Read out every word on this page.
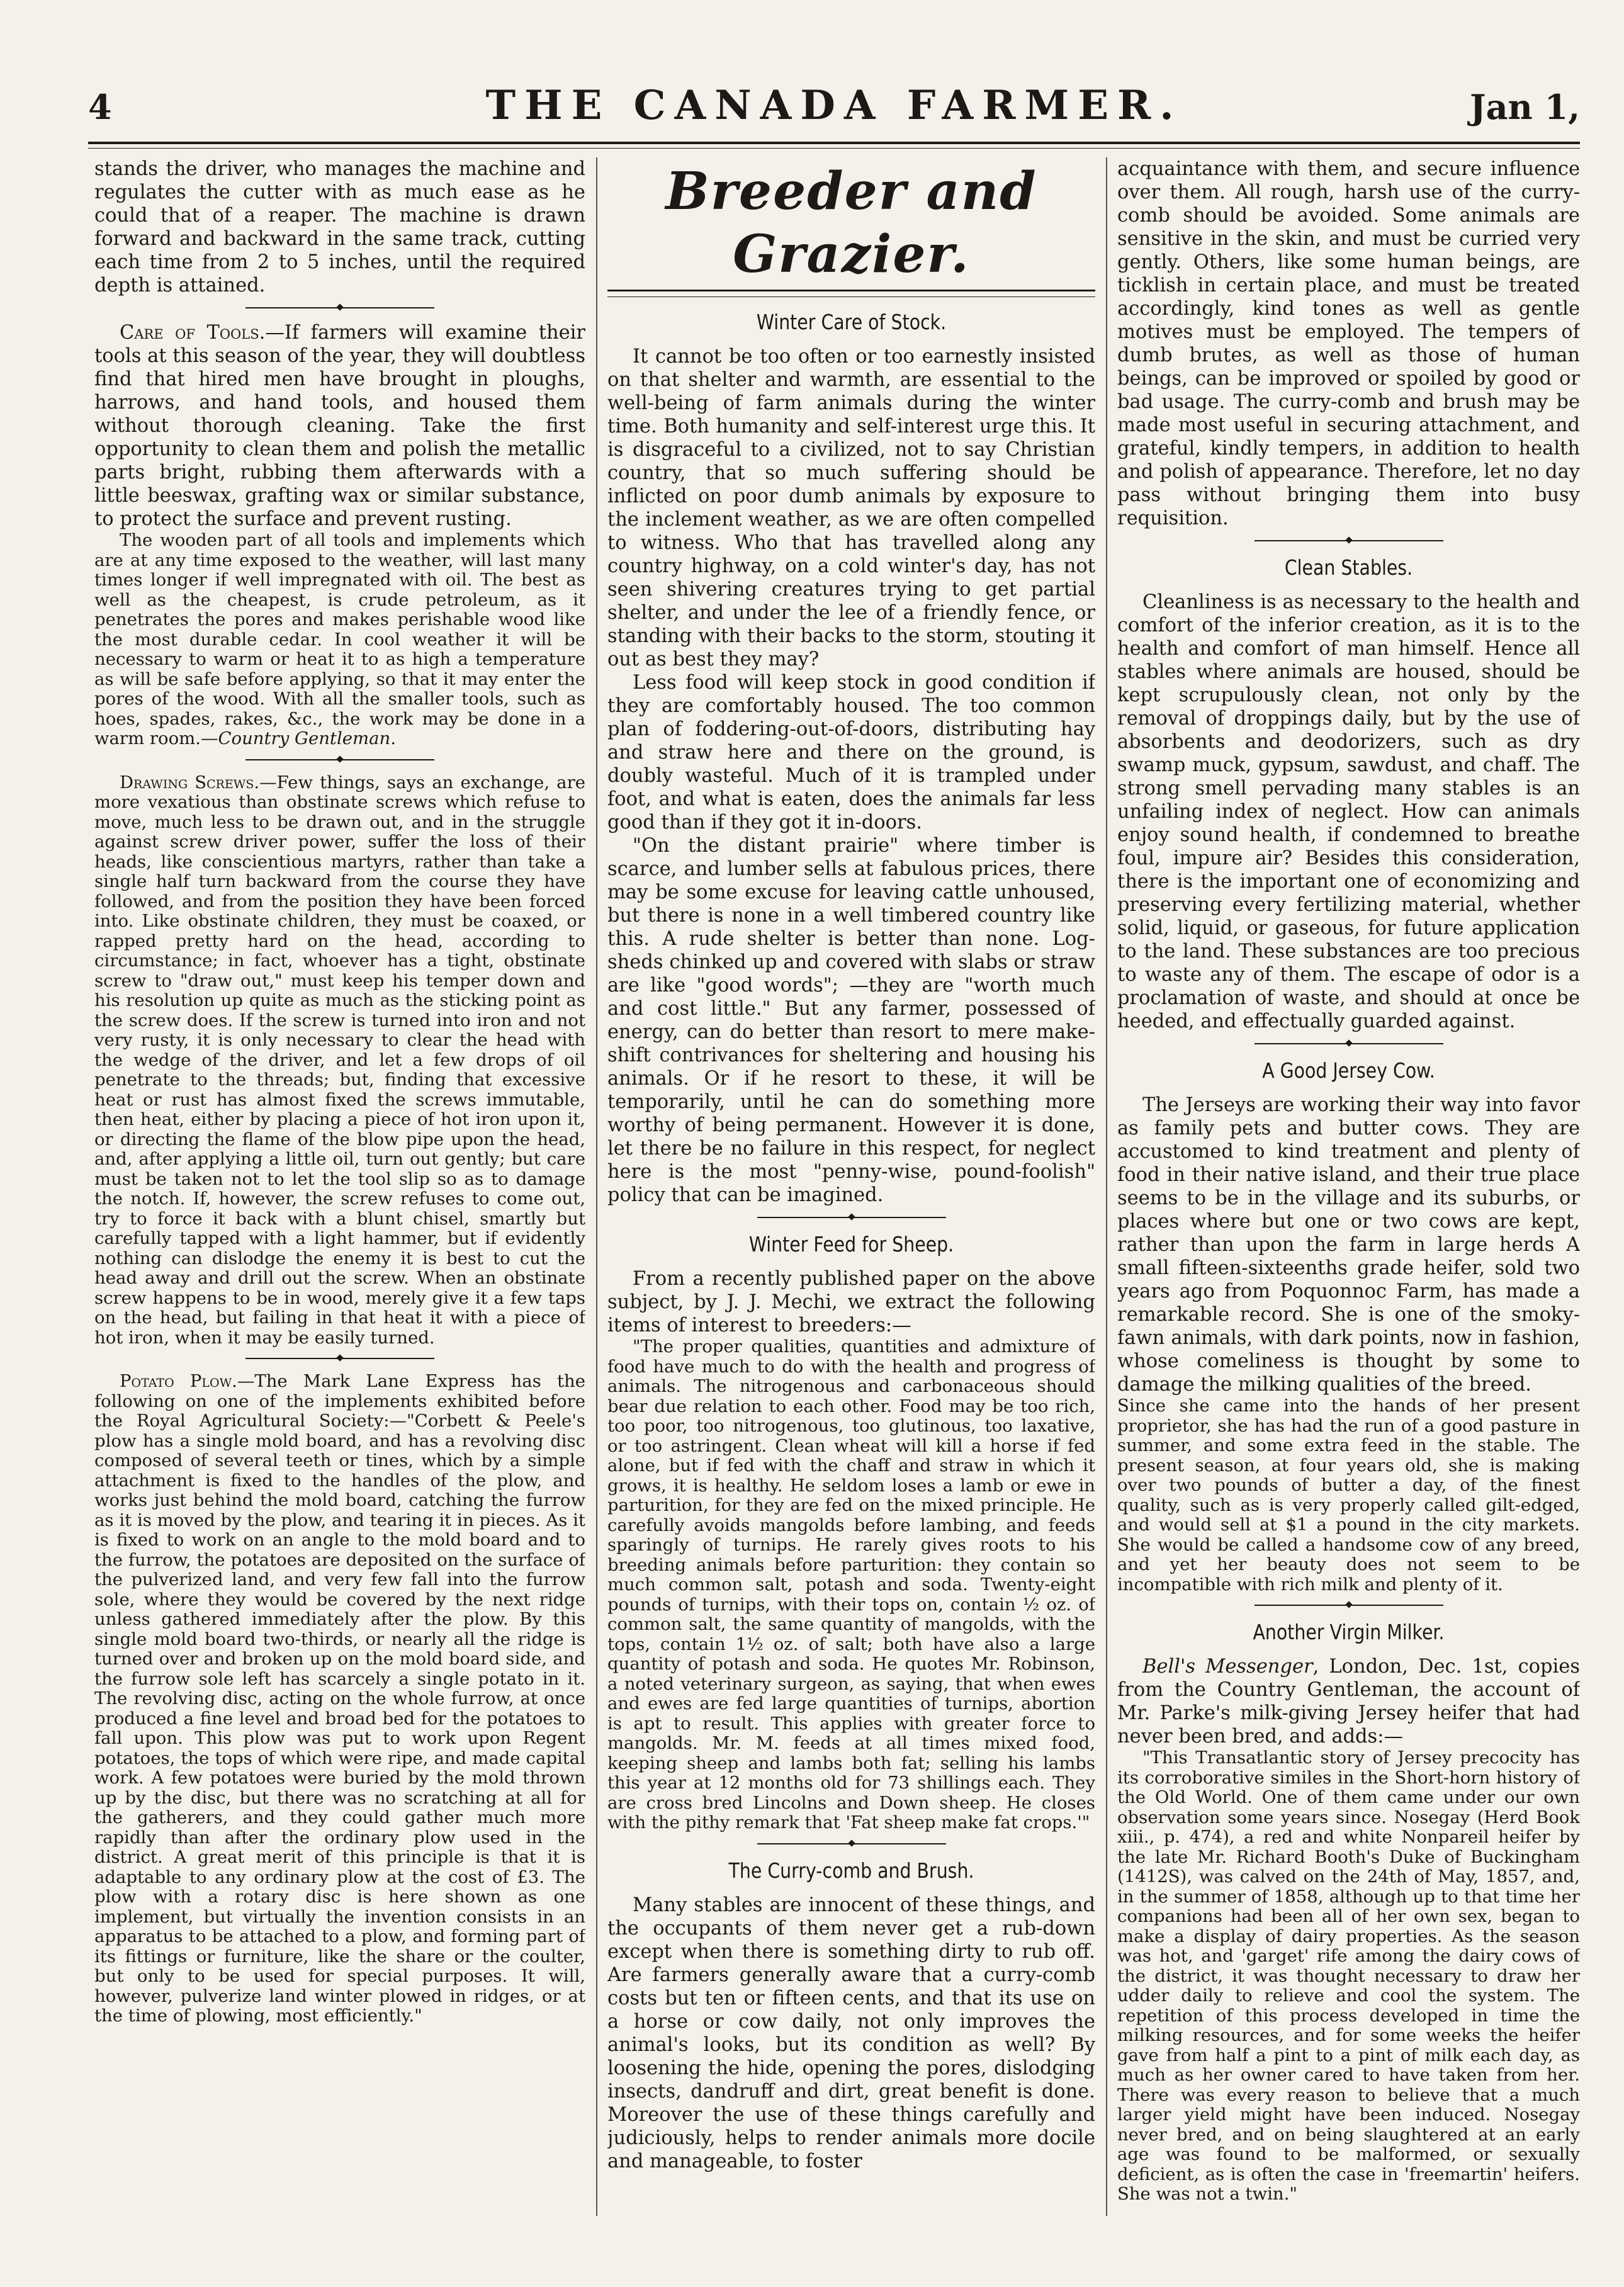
4	THE CANADA FARMER.	Jan 1,

stands the driver, who manages the machine and regulates the cutter with as much ease as he could that of a reaper. The machine is drawn forward and backward in the same track, cutting each time from 2 to 5 inches, until the required depth is attained.

Care of Tools.—If farmers will examine their tools at this season of the year, they will doubtless find that hired men have brought in ploughs, harrows, and hand tools, and housed them without thorough cleaning. Take the first opportunity to clean them and polish the metallic parts bright, rubbing them afterwards with a little beeswax, grafting wax or similar substance, to protect the surface and prevent rusting.

The wooden part of all tools and implements which are at any time exposed to the weather, will last many times longer if well impregnated with oil. The best as well as the cheapest, is crude petroleum, as it penetrates the pores and makes perishable wood like the most durable cedar. In cool weather it will be necessary to warm or heat it to as high a temperature as will be safe before applying, so that it may enter the pores of the wood. With all the smaller tools, such as hoes, spades, rakes, &c., the work may be done in a warm room.—Country Gentleman.

Drawing Screws.—Few things, says an exchange, are more vexatious than obstinate screws which refuse to move, much less to be drawn out, and in the struggle against screw driver power, suffer the loss of their heads, like conscientious martyrs, rather than take a single half turn backward from the course they have followed, and from the position they have been forced into. Like obstinate children, they must be coaxed, or rapped pretty hard on the head, according to circumstance; in fact, whoever has a tight, obstinate screw to "draw out," must keep his temper down and his resolution up quite as much as the sticking point as the screw does. If the screw is turned into iron and not very rusty, it is only necessary to clear the head with the wedge of the driver, and let a few drops of oil penetrate to the threads; but, finding that excessive heat or rust has almost fixed the screws immutable, then heat, either by placing a piece of hot iron upon it, or directing the flame of the blow pipe upon the head, and, after applying a little oil, turn out gently; but care must be taken not to let the tool slip so as to damage the notch. If, however, the screw refuses to come out, try to force it back with a blunt chisel, smartly but carefully tapped with a light hammer, but if evidently nothing can dislodge the enemy it is best to cut the head away and drill out the screw. When an obstinate screw happens to be in wood, merely give it a few taps on the head, but failing in that heat it with a piece of hot iron, when it may be easily turned.

Potato Plow.—The Mark Lane Express has the following on one of the implements exhibited before the Royal Agricultural Society:—"Corbett & Peele's plow has a single mold board, and has a revolving disc composed of several teeth or tines, which by a simple attachment is fixed to the handles of the plow, and works just behind the mold board, catching the furrow as it is moved by the plow, and tearing it in pieces. As it is fixed to work on an angle to the mold board and to the furrow, the potatoes are deposited on the surface of the pulverized land, and very few fall into the furrow sole, where they would be covered by the next ridge unless gathered immediately after the plow. By this single mold board two-thirds, or nearly all the ridge is turned over and broken up on the mold board side, and the furrow sole left has scarcely a single potato in it. The revolving disc, acting on the whole furrow, at once produced a fine level and broad bed for the potatoes to fall upon. This plow was put to work upon Regent potatoes, the tops of which were ripe, and made capital work. A few potatoes were buried by the mold thrown up by the disc, but there was no scratching at all for the gatherers, and they could gather much more rapidly than after the ordinary plow used in the district. A great merit of this principle is that it is adaptable to any ordinary plow at the cost of £3. The plow with a rotary disc is here shown as one implement, but virtually the invention consists in an apparatus to be attached to a plow, and forming part of its fittings or furniture, like the share or the coulter, but only to be used for special purposes. It will, however, pulverize land winter plowed in ridges, or at the time of plowing, most efficiently."

Breeder and Grazier.
Winter Care of Stock.

It cannot be too often or too earnestly insisted on that shelter and warmth, are essential to the well-being of farm animals during the winter time. Both humanity and self-interest urge this. It is disgraceful to a civilized, not to say Christian country, that so much suffering should be inflicted on poor dumb animals by exposure to the inclement weather, as we are often compelled to witness. Who that has travelled along any country highway, on a cold winter's day, has not seen shivering creatures trying to get partial shelter, and under the lee of a friendly fence, or standing with their backs to the storm, stouting it out as best they may?

Less food will keep stock in good condition if they are comfortably housed. The too common plan of foddering-out-of-doors, distributing hay and straw here and there on the ground, is doubly wasteful. Much of it is trampled under foot, and what is eaten, does the animals far less good than if they got it in-doors.

"On the distant prairie" where timber is scarce, and lumber sells at fabulous prices, there may be some excuse for leaving cattle unhoused, but there is none in a well timbered country like this. A rude shelter is better than none. Log-sheds chinked up and covered with slabs or straw are like "good words"; —they are "worth much and cost little." But any farmer, possessed of energy, can do better than resort to mere make-shift contrivances for sheltering and housing his animals. Or if he resort to these, it will be temporarily, until he can do something more worthy of being permanent. However it is done, let there be no failure in this respect, for neglect here is the most "penny-wise, pound-foolish" policy that can be imagined.

Winter Feed for Sheep.

From a recently published paper on the above subject, by J. J. Mechi, we extract the following items of interest to breeders:—

"The proper qualities, quantities and admixture of food have much to do with the health and progress of animals. The nitrogenous and carbonaceous should bear due relation to each other. Food may be too rich, too poor, too nitrogenous, too glutinous, too laxative, or too astringent. Clean wheat will kill a horse if fed alone, but if fed with the chaff and straw in which it grows, it is healthy. He seldom loses a lamb or ewe in parturition, for they are fed on the mixed principle. He carefully avoids mangolds before lambing, and feeds sparingly of turnips. He rarely gives roots to his breeding animals before parturition: they contain so much common salt, potash and soda. Twenty-eight pounds of turnips, with their tops on, contain ½ oz. of common salt, the same quantity of mangolds, with the tops, contain 1½ oz. of salt; both have also a large quantity of potash and soda. He quotes Mr. Robinson, a noted veterinary surgeon, as saying, that when ewes and ewes are fed large quantities of turnips, abortion is apt to result. This applies with greater force to mangolds. Mr. M. feeds at all times mixed food, keeping sheep and lambs both fat; selling his lambs this year at 12 months old for 73 shillings each. They are cross bred Lincolns and Down sheep. He closes with the pithy remark that 'Fat sheep make fat crops.'"

The Curry-comb and Brush.

Many stables are innocent of these things, and the occupants of them never get a rub-down except when there is something dirty to rub off. Are farmers generally aware that a curry-comb costs but ten or fifteen cents, and that its use on a horse or cow daily, not only improves the animal's looks, but its condition as well? By loosening the hide, opening the pores, dislodging insects, dandruff and dirt, great benefit is done. Moreover the use of these things carefully and judiciously, helps to render animals more docile and manageable, to foster

acquaintance with them, and secure influence over them. All rough, harsh use of the curry-comb should be avoided. Some animals are sensitive in the skin, and must be curried very gently. Others, like some human beings, are ticklish in certain place, and must be treated accordingly, kind tones as well as gentle motives must be employed. The tempers of dumb brutes, as well as those of human beings, can be improved or spoiled by good or bad usage. The curry-comb and brush may be made most useful in securing attachment, and grateful, kindly tempers, in addition to health and polish of appearance. Therefore, let no day pass without bringing them into busy requisition.

Clean Stables.

Cleanliness is as necessary to the health and comfort of the inferior creation, as it is to the health and comfort of man himself. Hence all stables where animals are housed, should be kept scrupulously clean, not only by the removal of droppings daily, but by the use of absorbents and deodorizers, such as dry swamp muck, gypsum, sawdust, and chaff. The strong smell pervading many stables is an unfailing index of neglect. How can animals enjoy sound health, if condemned to breathe foul, impure air? Besides this consideration, there is the important one of economizing and preserving every fertilizing material, whether solid, liquid, or gaseous, for future application to the land. These substances are too precious to waste any of them. The escape of odor is a proclamation of waste, and should at once be heeded, and effectually guarded against.

A Good Jersey Cow.

The Jerseys are working their way into favor as family pets and butter cows. They are accustomed to kind treatment and plenty of food in their native island, and their true place seems to be in the village and its suburbs, or places where but one or two cows are kept, rather than upon the farm in large herds A small fifteen-sixteenths grade heifer, sold two years ago from Poquonnoc Farm, has made a remarkable record. She is one of the smoky-fawn animals, with dark points, now in fashion, whose comeliness is thought by some to damage the milking qualities of the breed.

Since she came into the hands of her present proprietor, she has had the run of a good pasture in summer, and some extra feed in the stable. The present season, at four years old, she is making over two pounds of butter a day, of the finest quality, such as is very properly called gilt-edged, and would sell at $1 a pound in the city markets. She would be called a handsome cow of any breed, and yet her beauty does not seem to be incompatible with rich milk and plenty of it.

Another Virgin Milker.

Bell's Messenger, London, Dec. 1st, copies from the Country Gentleman, the account of Mr. Parke's milk-giving Jersey heifer that had never been bred, and adds:—

"This Transatlantic story of Jersey precocity has its corroborative similes in the Short-horn history of the Old World. One of them came under our own observation some years since. Nosegay (Herd Book xiii., p. 474), a red and white Nonpareil heifer by the late Mr. Richard Booth's Duke of Buckingham (1412S), was calved on the 24th of May, 1857, and, in the summer of 1858, although up to that time her companions had been all of her own sex, began to make a display of dairy properties. As the season was hot, and 'garget' rife among the dairy cows of the district, it was thought necessary to draw her udder daily to relieve and cool the system. The repetition of this process developed in time the milking resources, and for some weeks the heifer gave from half a pint to a pint of milk each day, as much as her owner cared to have taken from her. There was every reason to believe that a much larger yield might have been induced. Nosegay never bred, and on being slaughtered at an early age was found to be malformed, or sexually deficient, as is often the case in 'freemartin' heifers. She was not a twin."
